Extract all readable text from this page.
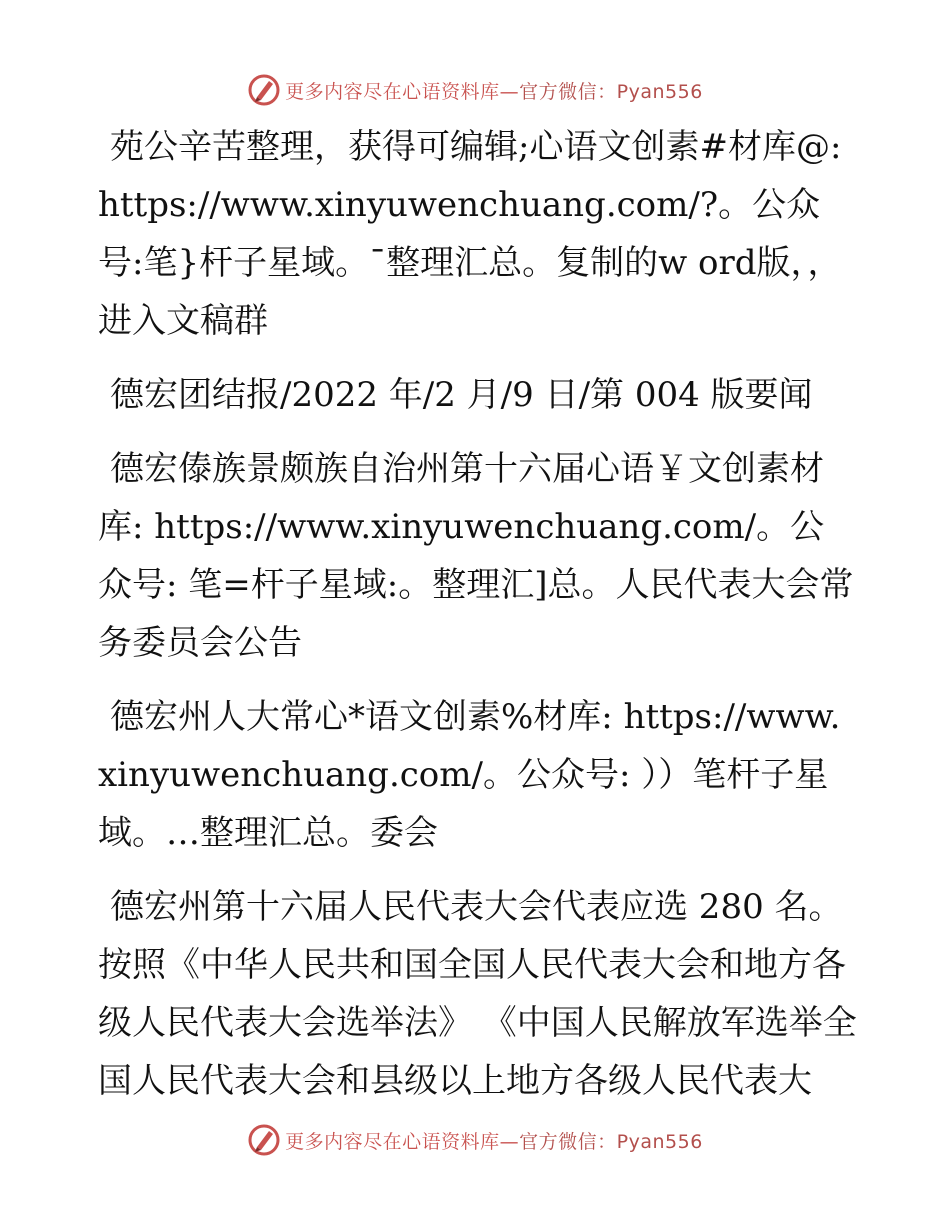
更多内容尽在心语资料库—官方微信：Pyan556

苑公辛苦整理，获得可编辑;心语文创素#材库@:https://www.xinyuwenchuang.com/?。公众号:笔}杆子星域。¯整理汇总。复制的w ord版，，进入文稿群

德宏团结报/2022 年/2 月/9 日/第 004 版要闻

德宏傣族景颇族自治州第十六届心语￥文创素材库: https://www.xinyuwenchuang.com/。公众号: 笔=杆子星域:。整理汇]总。人民代表大会常务委员会公告

德宏州人大常心*语文创素%材库: https://www.xinyuwenchuang.com/。公众号: ））笔杆子星域。…整理汇总。委会

德宏州第十六届人民代表大会代表应选 280 名。按照《中华人民共和国全国人民代表大会和地方各级人民代表大会选举法》 《中国人民解放军选举全国人民代表大会和县级以上地方各级人民代表大

更多内容尽在心语资料库—官方微信：Pyan556
